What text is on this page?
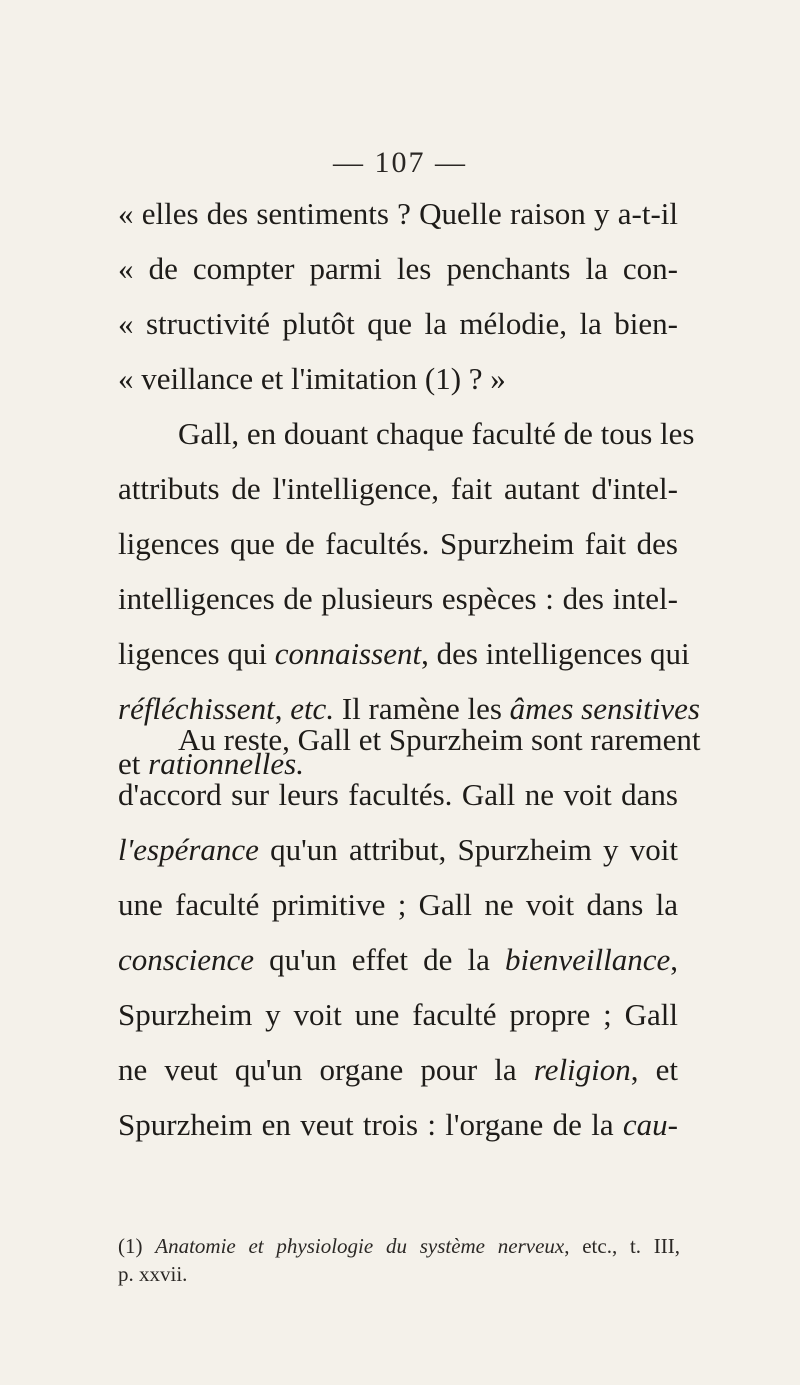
— 107 —
« elles des sentiments ? Quelle raison y a-t-il
« de compter parmi les penchants la con-
« structivité plutôt que la mélodie, la bien-
« veillance et l'imitation (1) ? »
Gall, en douant chaque faculté de tous les
attributs de l'intelligence, fait autant d'intel-
ligences que de facultés. Spurzheim fait des
intelligences de plusieurs espèces : des intel-
ligences qui connaissent, des intelligences qui
réfléchissent, etc. Il ramène les âmes sensitives
et rationnelles.
Au reste, Gall et Spurzheim sont rarement
d'accord sur leurs facultés. Gall ne voit dans
l'espérance qu'un attribut, Spurzheim y voit
une faculté primitive ; Gall ne voit dans la
conscience qu'un effet de la bienveillance,
Spurzheim y voit une faculté propre ; Gall
ne veut qu'un organe pour la religion, et
Spurzheim en veut trois : l'organe de la cau-
(1) Anatomie et physiologie du système nerveux, etc., t. III,
p. xxvii.
